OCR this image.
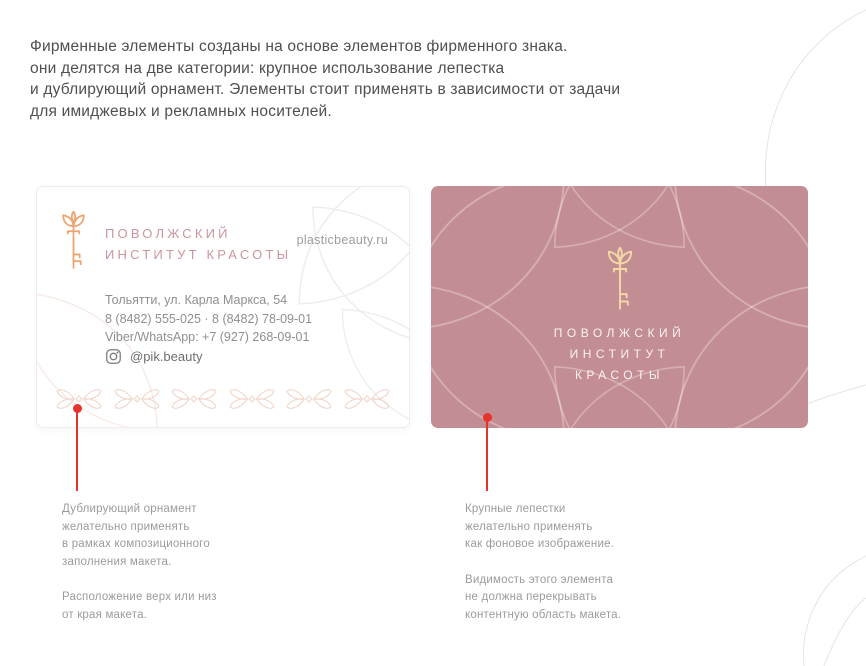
Фирменные элементы созданы на основе элементов фирменного знака.
они делятся на две категории: крупное использование лепестка
и дублирующий орнамент. Элементы стоит применять в зависимости от задачи
для имиджевых и рекламных носителей.
ПОВОЛЖСКИЙ
ИНСТИТУТ КРАСОТЫ
plasticbeauty.ru
Тольятти, ул. Карла Маркса, 54
8 (8482) 555-025 · 8 (8482) 78-09-01
Viber/WhatsApp: +7 (927) 268-09-01
@pik.beauty
ПОВОЛЖСКИЙ
ИНСТИТУТ
КРАСОТЫ
Дублирующий орнамент
желательно применять
в рамках композиционного
заполнения макета.
Расположение верх или низ
от края макета.
Крупные лепестки
желательно применять
как фоновое изображение.
Видимость этого элемента
не должна перекрывать
контентную область макета.
